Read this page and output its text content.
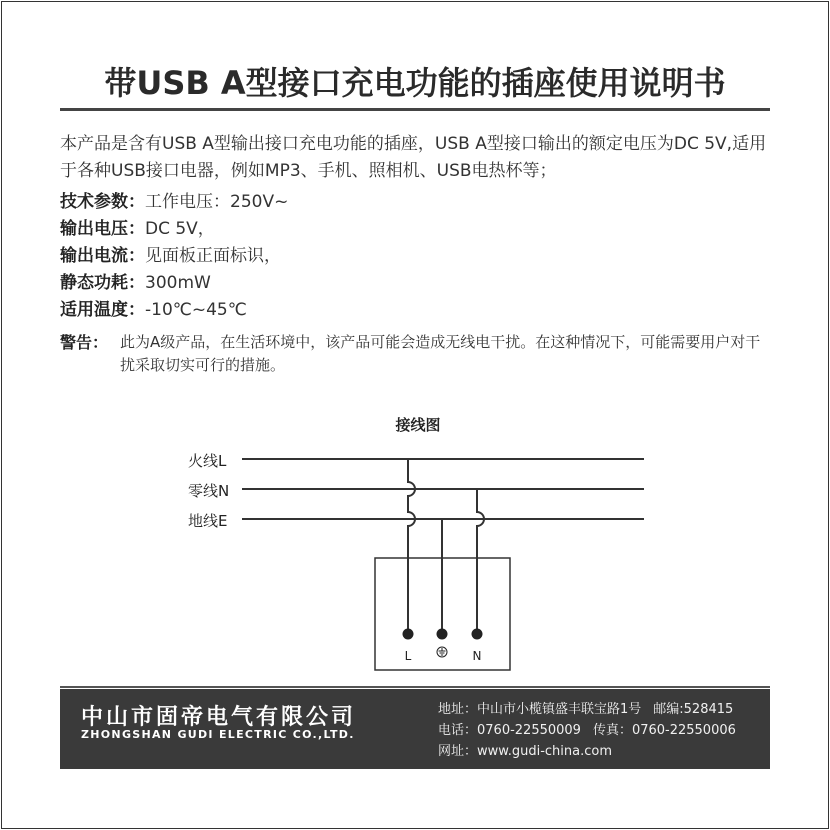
带USB A型接口充电功能的插座使用说明书
本产品是含有USB A型输出接口充电功能的插座，USB A型接口输出的额定电压为DC 5V,适用于各种USB接口电器，例如MP3、手机、照相机、USB电热杯等；
技术参数：工作电压：250V~
输出电压：DC 5V，
输出电流：见面板正面标识，
静态功耗：300mW
适用温度：-10℃~45℃
警告： 此为A级产品，在生活环境中，该产品可能会造成无线电干扰。在这种情况下，可能需要用户对干扰采取切实可行的措施。
接线图
火线L
零线N
地线E
L	N
中山市固帝电气有限公司
ZHONGSHAN GUDI ELECTRIC CO.,LTD.
地址：中山市小榄镇盛丰联宝路1号 邮编:528415
电话：0760-22550009 传真：0760-22550006
网址：www.gudi-china.com
